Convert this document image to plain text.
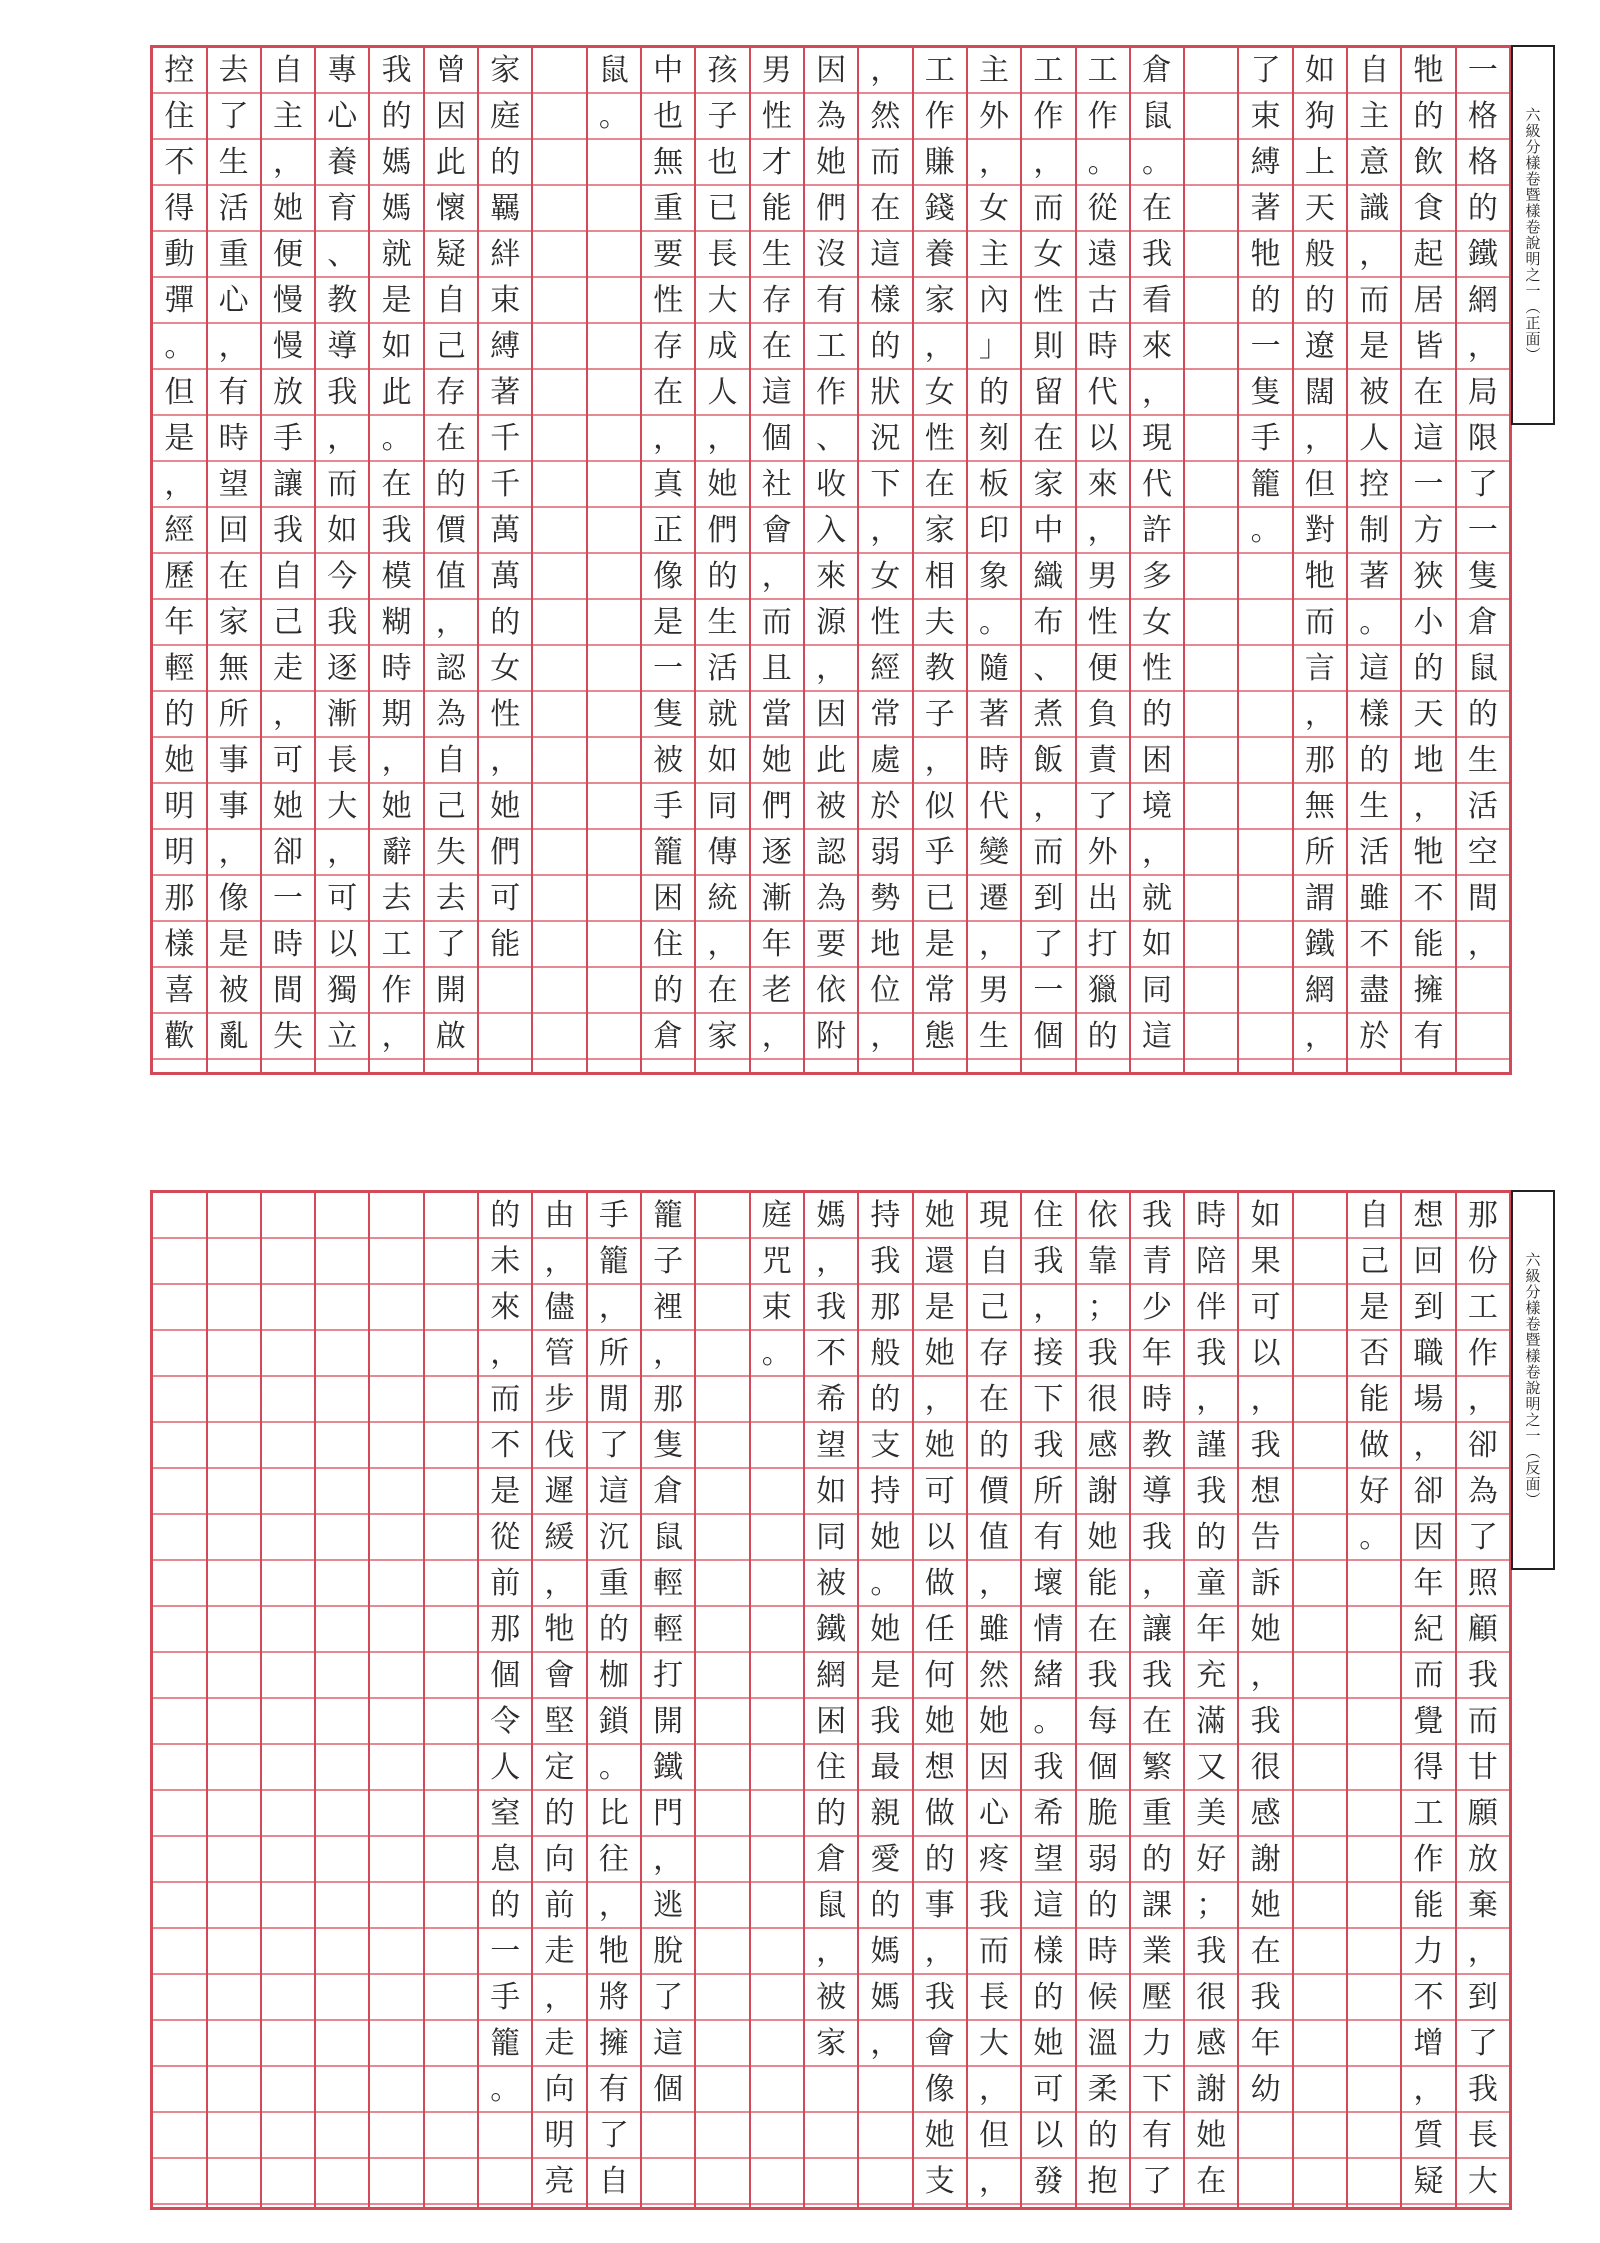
一
格
格
的
鐵
網
，
局
限
了
一
隻
倉
鼠
的
生
活
空
間
，
牠
的
飲
食
起
居
皆
在
這
一
方
狹
小
的
天
地
，
牠
不
能
擁
有
自
主
意
識
，
而
是
被
人
控
制
著
。
這
樣
的
生
活
雖
不
盡
於
如
狗
上
天
般
的
遼
闊
，
但
對
牠
而
言
，
那
無
所
謂
鐵
網
，
了
束
縛
著
牠
的
一
隻
手
籠
。
倉
鼠
。
在
我
看
來
，
現
代
許
多
女
性
的
困
境
，
就
如
同
這
工
作
。
從
遠
古
時
代
以
來
，
男
性
便
負
責
了
外
出
打
獵
的
工
作
，
而
女
性
則
留
在
家
中
織
布
、
煮
飯
，
而
到
了
一
個
主
外
，
女
主
內
」
的
刻
板
印
象
。
隨
著
時
代
變
遷
，
男
生
工
作
賺
錢
養
家
，
女
性
在
家
相
夫
教
子
，
似
乎
已
是
常
態
，
然
而
在
這
樣
的
狀
況
下
，
女
性
經
常
處
於
弱
勢
地
位
，
因
為
她
們
沒
有
工
作
、
收
入
來
源
，
因
此
被
認
為
要
依
附
男
性
才
能
生
存
在
這
個
社
會
，
而
且
當
她
們
逐
漸
年
老
，
孩
子
也
已
長
大
成
人
，
她
們
的
生
活
就
如
同
傳
統
，
在
家
中
也
無
重
要
性
存
在
，
真
正
像
是
一
隻
被
手
籠
困
住
的
倉
鼠
。
家
庭
的
羈
絆
束
縛
著
千
千
萬
萬
的
女
性
，
她
們
可
能
曾
因
此
懷
疑
自
己
存
在
的
價
值
，
認
為
自
己
失
去
了
開
啟
我
的
媽
媽
就
是
如
此
。
在
我
模
糊
時
期
，
她
辭
去
工
作
，
專
心
養
育
、
教
導
我
，
而
如
今
我
逐
漸
長
大
，
可
以
獨
立
自
主
，
她
便
慢
慢
放
手
讓
我
自
己
走
，
可
她
卻
一
時
間
失
去
了
生
活
重
心
，
有
時
望
回
在
家
無
所
事
事
，
像
是
被
亂
控
住
不
得
動
彈
。
但
是
，
經
歷
年
輕
的
她
明
明
那
樣
喜
歡
六級分樣卷暨樣卷說明之一（正面）
那
份
工
作
，
卻
為
了
照
顧
我
而
甘
願
放
棄
，
到
了
我
長
大
想
回
到
職
場
，
卻
因
年
紀
而
覺
得
工
作
能
力
不
增
，
質
疑
自
己
是
否
能
做
好
。
如
果
可
以
，
我
想
告
訴
她
，
我
很
感
謝
她
在
我
年
幼
時
陪
伴
我
，
謹
我
的
童
年
充
滿
又
美
好
；
我
很
感
謝
她
在
我
青
少
年
時
教
導
我
，
讓
我
在
繁
重
的
課
業
壓
力
下
有
了
依
靠
；
我
很
感
謝
她
能
在
我
每
個
脆
弱
的
時
候
溫
柔
的
抱
住
我
，
接
下
我
所
有
壞
情
緒
。
我
希
望
這
樣
的
她
可
以
發
現
自
己
存
在
的
價
值
，
雖
然
她
因
心
疼
我
而
長
大
，
但
，
她
還
是
她
，
她
可
以
做
任
何
她
想
做
的
事
，
我
會
像
她
支
持
我
那
般
的
支
持
她
。
她
是
我
最
親
愛
的
媽
媽
，
媽
，
我
不
希
望
如
同
被
鐵
網
困
住
的
倉
鼠
，
被
家
庭
咒
束
。
籠
子
裡
，
那
隻
倉
鼠
輕
輕
打
開
鐵
門
，
逃
脫
了
這
個
手
籠
，
所
閒
了
這
沉
重
的
枷
鎖
。
比
往
，
牠
將
擁
有
了
自
由
，
儘
管
步
伐
遲
緩
，
牠
會
堅
定
的
向
前
走
，
走
向
明
亮
的
未
來
，
而
不
是
從
前
那
個
令
人
窒
息
的
一
手
籠
。
六級分樣卷暨樣卷說明之一（反面）
